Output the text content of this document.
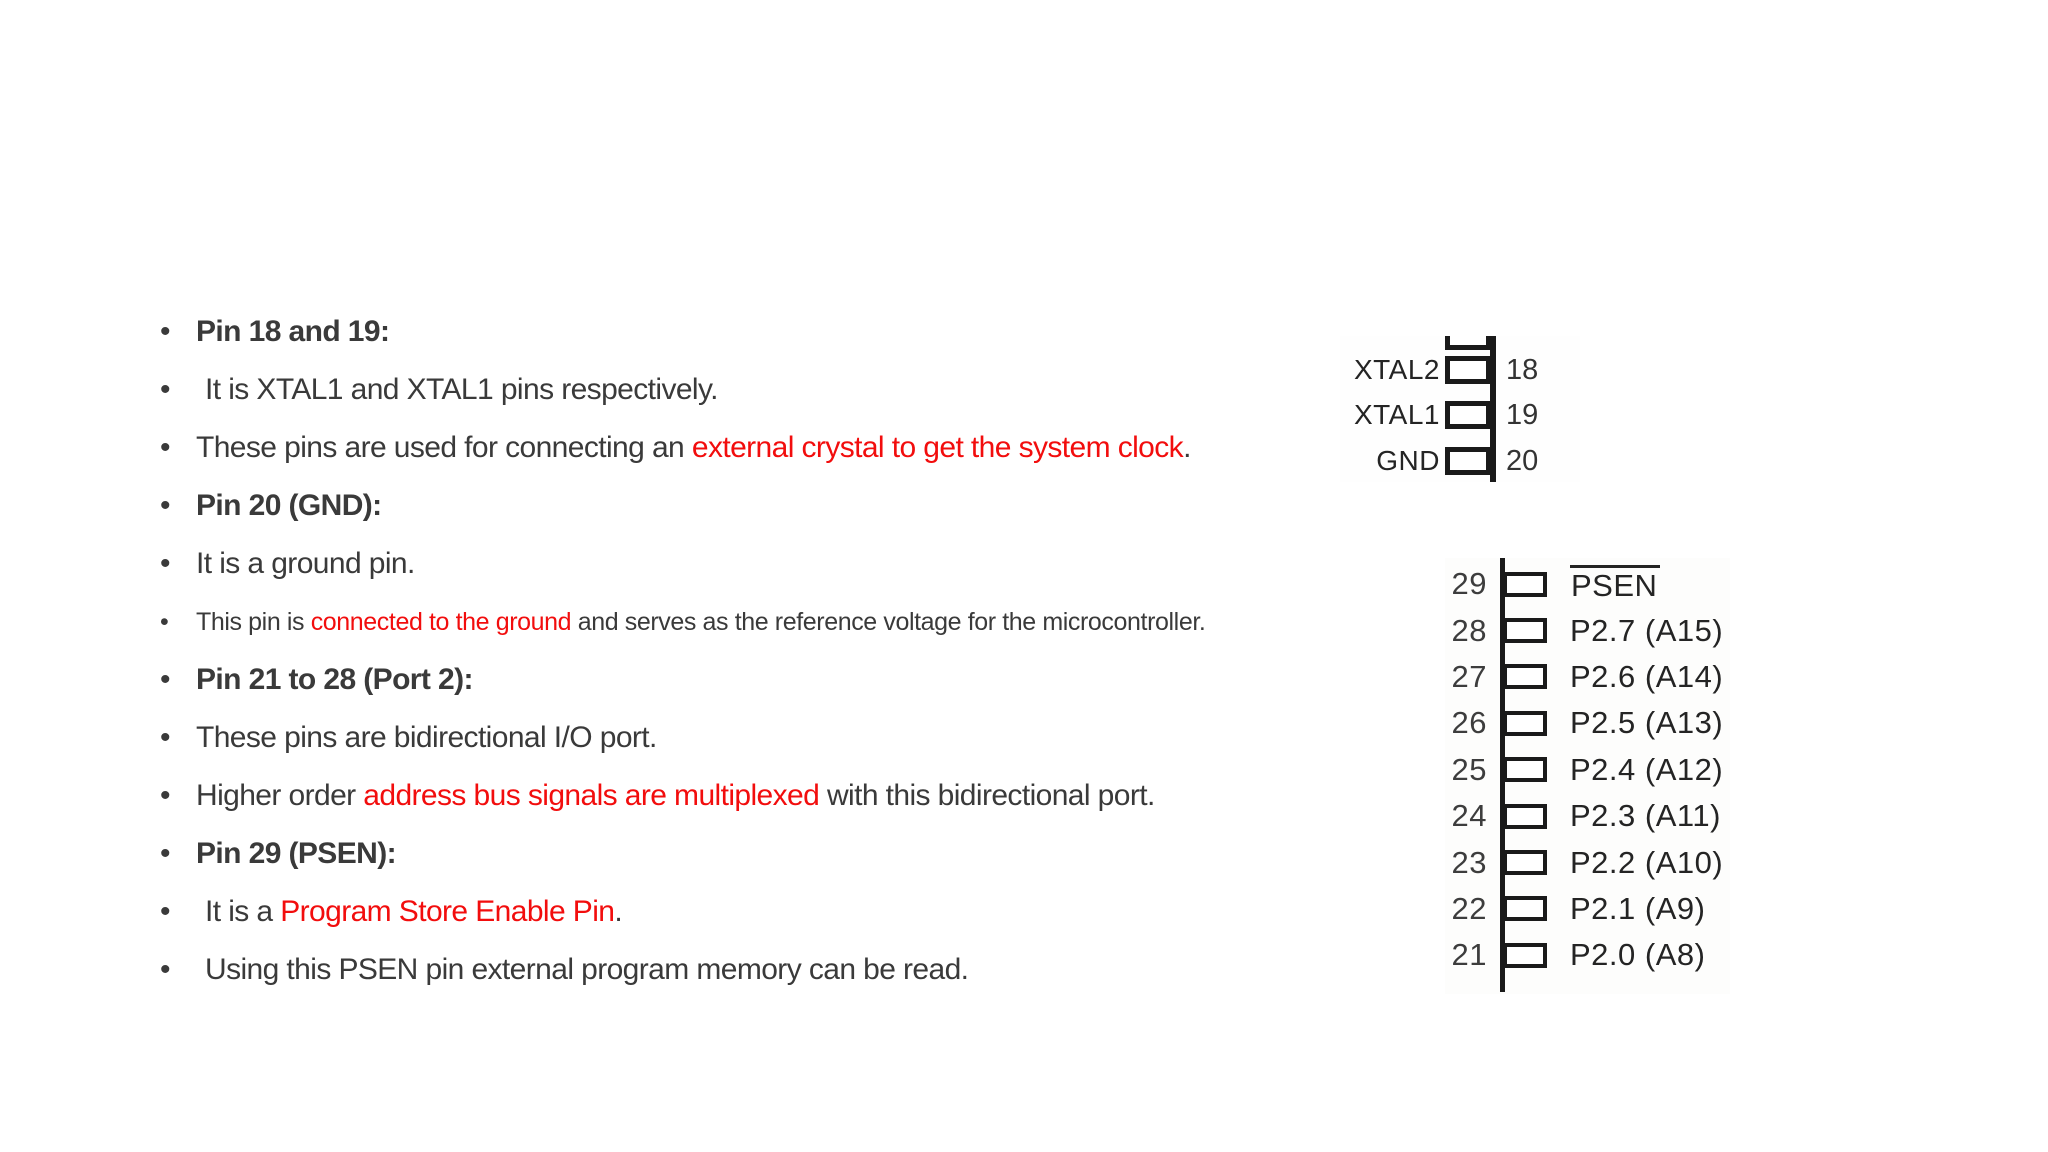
• Pin 18 and 19:
•	It is XTAL1 and XTAL1 pins respectively.
• These pins are used for connecting an external crystal to get the system clock.
• Pin 20 (GND):
• It is a ground pin.
•	This pin is connected to the ground and serves as the reference voltage for the microcontroller.
• Pin 21 to 28 (Port 2):
• These pins are bidirectional I/O port.
• Higher order address bus signals are multiplexed with this bidirectional port.
• Pin 29 (PSEN):
•	It is a Program Store Enable Pin.
•	Using this PSEN pin external program memory can be read.
XTAL2 18
XTAL1 19
GND 20
29	PSEN
28	P2.7 (A15)
27	P2.6 (A14)
26	P2.5 (A13)
25	P2.4 (A12)
24	P2.3 (A11)
23	P2.2 (A10)
22	P2.1 (A9)
21	P2.0 (A8)
